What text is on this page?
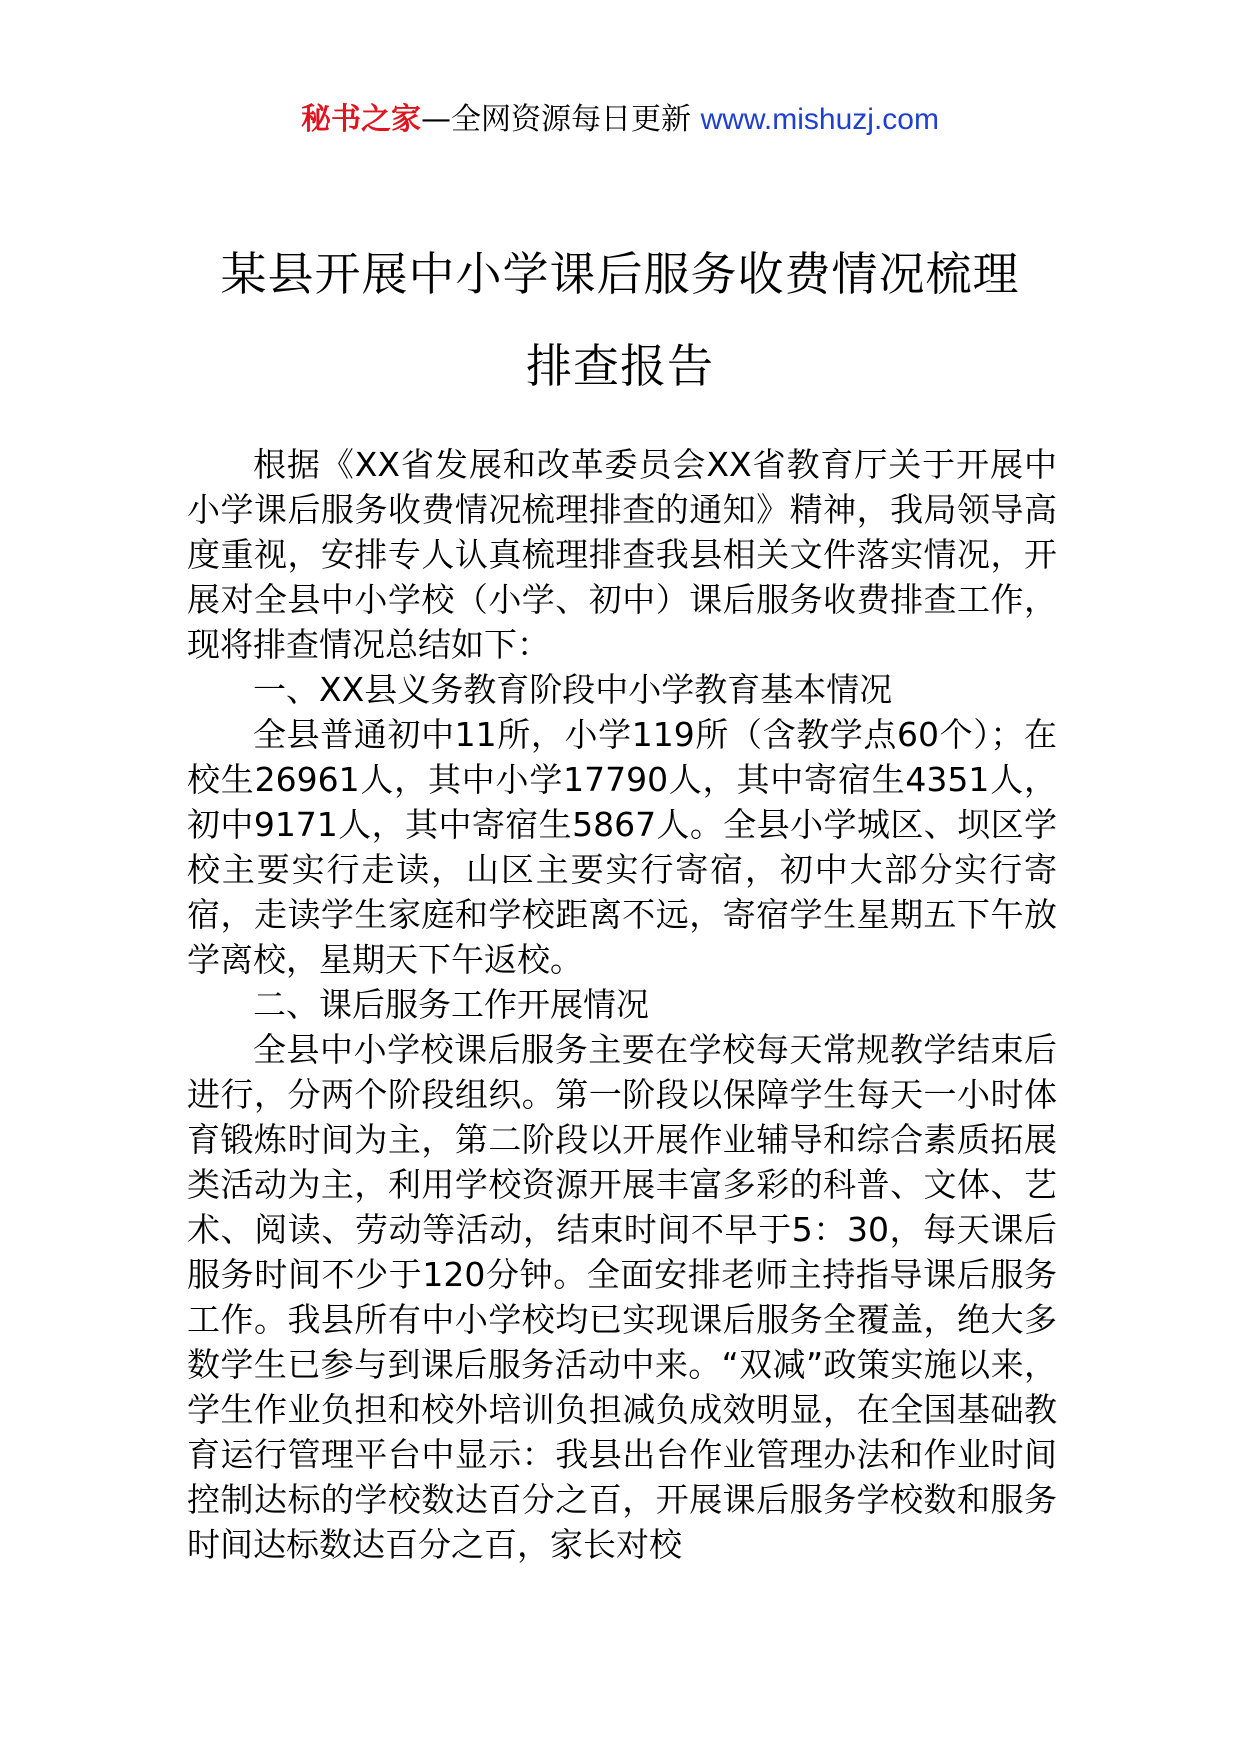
秘书之家—全网资源每日更新 www.mishuzj.com
某县开展中小学课后服务收费情况梳理
排查报告

根据《XX省发展和改革委员会XX省教育厅关于开展中小学课后服务收费情况梳理排查的通知》精神，我局领导高度重视，安排专人认真梳理排查我县相关文件落实情况，开展对全县中小学校（小学、初中）课后服务收费排查工作，现将排查情况总结如下：

一、XX县义务教育阶段中小学教育基本情况

全县普通初中11所，小学119所（含教学点60个）；在校生26961人，其中小学17790人，其中寄宿生4351人，初中9171人，其中寄宿生5867人。全县小学城区、坝区学校主要实行走读，山区主要实行寄宿，初中大部分实行寄宿，走读学生家庭和学校距离不远，寄宿学生星期五下午放学离校，星期天下午返校。

二、课后服务工作开展情况

全县中小学校课后服务主要在学校每天常规教学结束后进行，分两个阶段组织。第一阶段以保障学生每天一小时体育锻炼时间为主，第二阶段以开展作业辅导和综合素质拓展类活动为主，利用学校资源开展丰富多彩的科普、文体、艺术、阅读、劳动等活动，结束时间不早于5：30，每天课后服务时间不少于120分钟。全面安排老师主持指导课后服务工作。我县所有中小学校均已实现课后服务全覆盖，绝大多数学生已参与到课后服务活动中来。“双减”政策实施以来，学生作业负担和校外培训负担减负成效明显，在全国基础教育运行管理平台中显示：我县出台作业管理办法和作业时间控制达标的学校数达百分之百，开展课后服务学校数和服务时间达标数达百分之百，家长对校
